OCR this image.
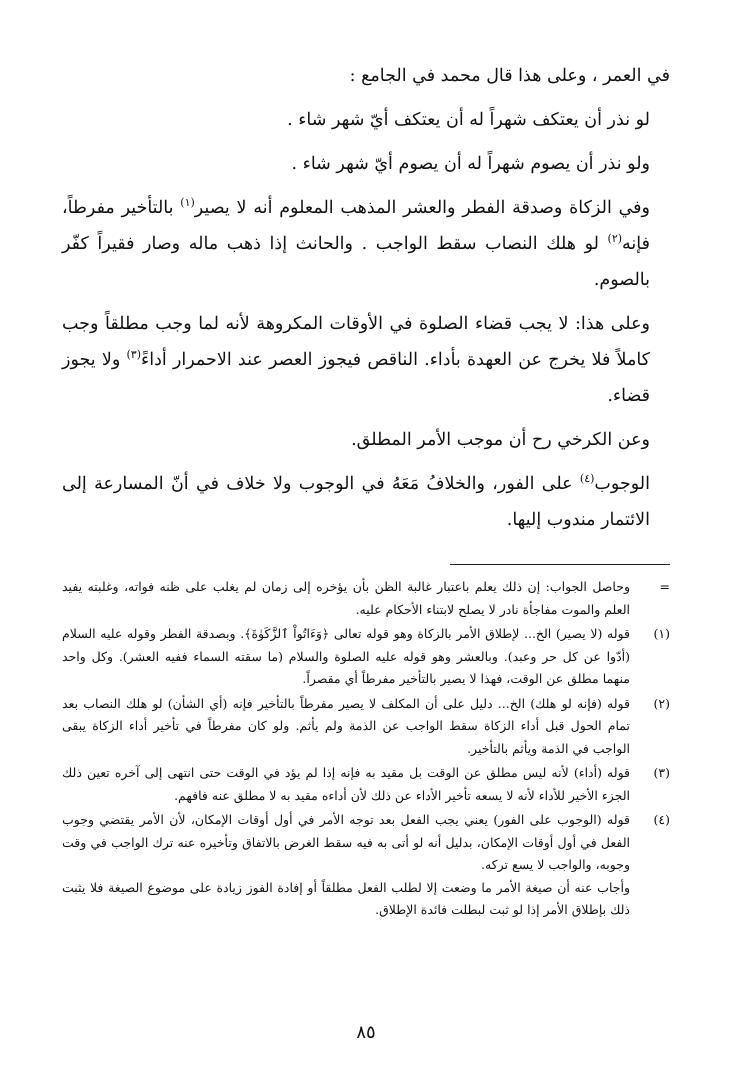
في العمر ، وعلى هذا قال محمد في الجامع :

لو نذر أن يعتكف شهراً له أن يعتكف أيّ شهر شاء .

ولو نذر أن يصوم شهراً له أن يصوم أيّ شهر شاء .

وفي الزكاة وصدقة الفطر والعشر المذهب المعلوم أنه لا يصير$^{(١)}$ بالتأخير مفرطاً، فإنه$^{(٢)}$ لو هلك النصاب سقط الواجب . والحانث إذا ذهب ماله وصار فقيراً كفّر بالصوم.

وعلى هذا: لا يجب قضاء الصلوة في الأوقات المكروهة لأنه لما وجب مطلقاً وجب كاملاً فلا يخرج عن العهدة بأداء. الناقص فيجوز العصر عند الاحمرار أداءً$^{(٣)}$ ولا يجوز قضاء.

وعن الكرخي رح أن موجب الأمر المطلق.

الوجوب$^{(٤)}$ على الفور، والخلافُ مَعَهُ في الوجوب ولا خلاف في أنّ المسارعة إلى الائتمار مندوب إليها.

=

وحاصل الجواب: إن ذلك يعلم باعتبار غالبة الظن بأن يؤخره إلى زمان لم يغلب على ظنه فواته، وغلبته يفيد العلم والموت مفاجأة نادر لا يصلح لابتناء الأحكام عليه.

(١)

قوله (لا يصير) الخ... لإطلاق الأمر بالزكاة وهو قوله تعالى ﴿وَءَاتُواْ ٱلزَّكَوٰةَ﴾. وبصدقة الفطر وقوله عليه السلام (أدّوا عن كل حر وعبد). وبالعشر وهو قوله عليه الصلوة والسلام (ما سقته السماء ففيه العشر). وكل واحد منهما مطلق عن الوقت، فهذا لا يصير بالتأخير مفرطاً أي مقصراً.

(٢)

قوله (فإنه لو هلك) الخ... دليل على أن المكلف لا يصير مفرطاً بالتأخير فإنه (أي الشأن) لو هلك النصاب بعد تمام الحول قبل أداء الزكاة سقط الواجب عن الذمة ولم يأثم. ولو كان مفرطاً في تأخير أداء الزكاة يبقى الواجب في الذمة ويأثم بالتأخير.

(٣)

قوله (أداء) لأنه ليس مطلق عن الوقت بل مقيد به فإنه إذا لم يؤد في الوقت حتى انتهى إلى آخره تعين ذلك الجزء الأخير للأداء لأنه لا يسعه تأخير الأداء عن ذلك لأن أداءه مقيد به لا مطلق عنه فافهم.

(٤)

قوله (الوجوب على الفور) يعني يجب الفعل بعد توجه الأمر في أول أوقات الإمكان، لأن الأمر يقتضي وجوب الفعل في أول أوقات الإمكان، بدليل أنه لو أتى به فيه سقط الغرض بالاتفاق وتأخيره عنه ترك الواجب في وقت وجوبه، والواجب لا يسع تركه.

وأجاب عنه أن صيغة الأمر ما وضعت إلا لطلب الفعل مطلقاً أو إفادة الفوز زيادة على موضوع الصيغة فلا يثبت ذلك بإطلاق الأمر إذا لو ثبت لبطلت فائدة الإطلاق.

٨٥
